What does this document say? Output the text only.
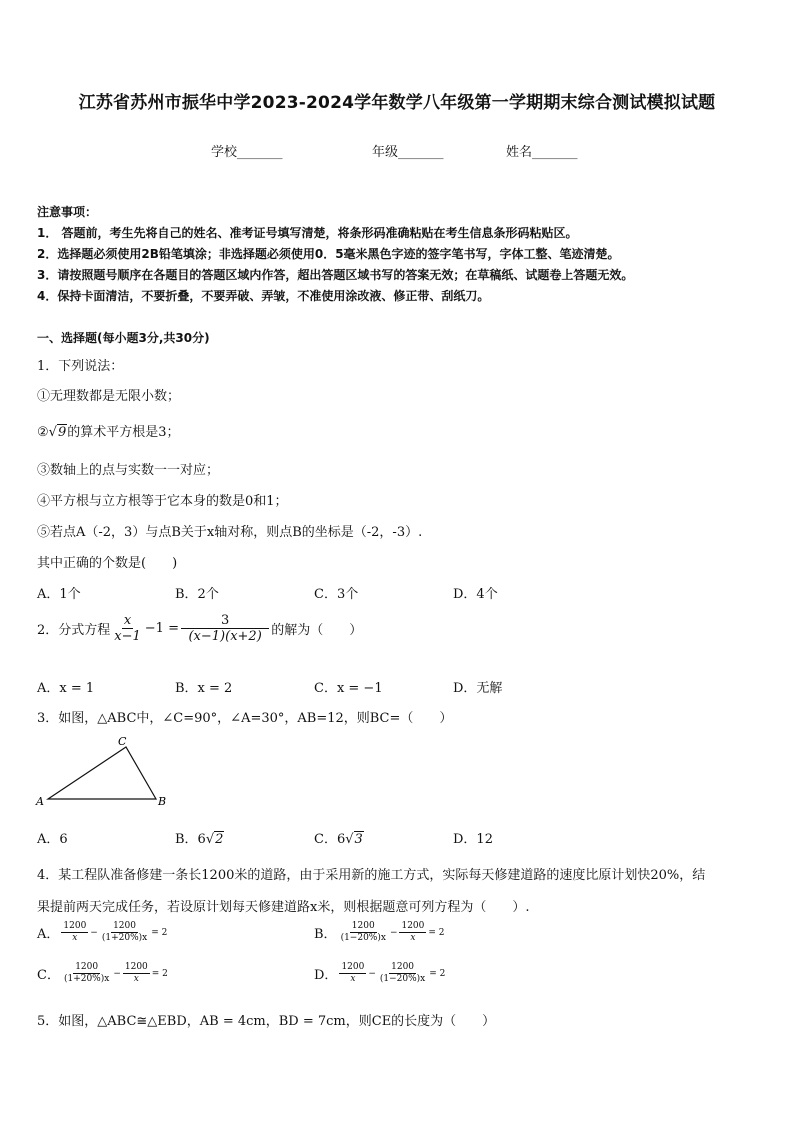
江苏省苏州市振华中学2023-2024学年数学八年级第一学期期末综合测试模拟试题
学校_______	年级_______	姓名_______
注意事项：
1． 答题前，考生先将自己的姓名、准考证号填写清楚，将条形码准确粘贴在考生信息条形码粘贴区。
2．选择题必须使用2B铅笔填涂；非选择题必须使用0．5毫米黑色字迹的签字笔书写，字体工整、笔迹清楚。
3．请按照题号顺序在各题目的答题区域内作答，超出答题区域书写的答案无效；在草稿纸、试题卷上答题无效。
4．保持卡面清洁，不要折叠，不要弄破、弄皱，不准使用涂改液、修正带、刮纸刀。
一、选择题(每小题3分,共30分)
1．下列说法：
①无理数都是无限小数；
②√9的算术平方根是3；
③数轴上的点与实数一一对应；
④平方根与立方根等于它本身的数是0和1；
⑤若点A（-2，3）与点B关于x轴对称，则点B的坐标是（-2，-3）.
其中正确的个数是(　　)
A．1个	B．2个	C．3个	D．4个
2．分式方程 $\frac{x}{x-1} -1 = \frac{3}{(x-1)(x+2)}$ 的解为（　　）
A．x = 1	B．x = 2	C．x = −1	D．无解
3．如图，△ABC中，∠C=90°，∠A=30°，AB=12，则BC=（　　）
A	B
C
A．6	B．6√2	C．6√3	D．12
4．某工程队准备修建一条长1200米的道路，由于采用新的施工方式，实际每天修建道路的速度比原计划快20%，结
果提前两天完成任务，若设原计划每天修建道路x米，则根据题意可列方程为（　　）.
A． $\frac{1200}{x} - \frac{1200}{(1+20\%)x} = 2$	B． $\frac{1200}{(1-20\%)x} - \frac{1200}{x} = 2$
C． $\frac{1200}{(1+20\%)x} - \frac{1200}{x} = 2$	D． $\frac{1200}{x} - \frac{1200}{(1-20\%)x} = 2$
5．如图，△ABC≅△EBD，AB = 4cm，BD = 7cm，则CE的长度为（　　）
